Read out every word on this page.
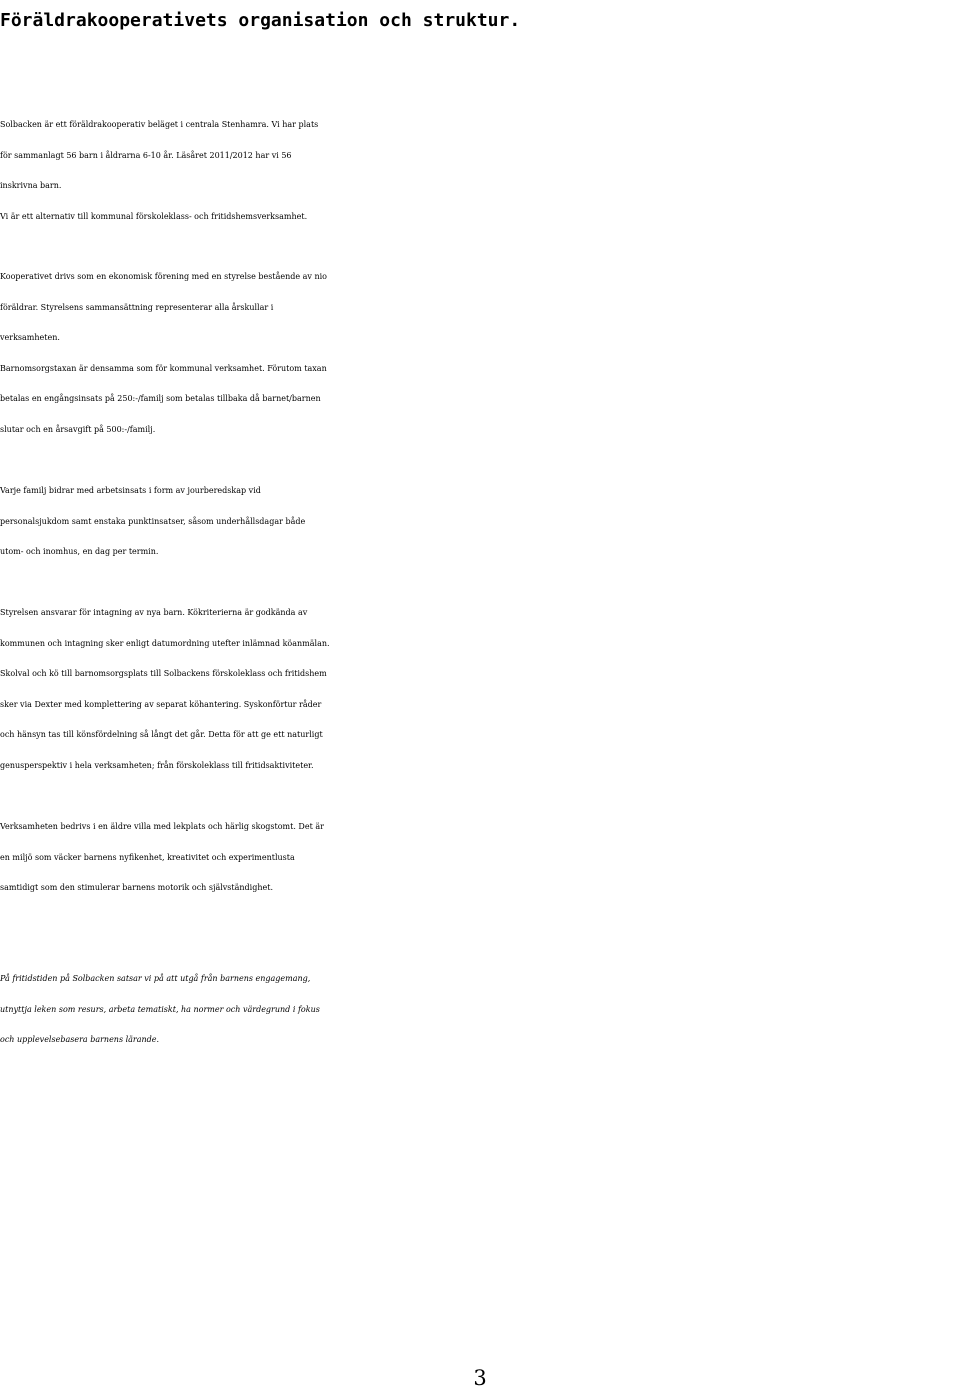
Föräldrakooperativets organisation och struktur.

Solbacken är ett föräldrakooperativ beläget i centrala Stenhamra. Vi har plats
för sammanlagt 56 barn i åldrarna 6-10 år. Läsåret 2011/2012 har vi 56
inskrivna barn.
Vi är ett alternativ till kommunal förskoleklass- och fritidshemsverksamhet.

Kooperativet drivs som en ekonomisk förening med en styrelse bestående av nio
föräldrar. Styrelsens sammansättning representerar alla årskullar i
verksamheten.
Barnomsorgstaxan är densamma som för kommunal verksamhet. Förutom taxan
betalas en engångsinsats på 250:-/familj som betalas tillbaka då barnet/barnen
slutar och en årsavgift på 500:-/familj.

Varje familj bidrar med arbetsinsats i form av jourberedskap vid
personalsjukdom samt enstaka punktinsatser, såsom underhållsdagar både
utom- och inomhus, en dag per termin.

Styrelsen ansvarar för intagning av nya barn. Kökriterierna är godkända av
kommunen och intagning sker enligt datumordning utefter inlämnad köanmälan.
Skolval och kö till barnomsorgsplats till Solbackens förskoleklass och fritidshem
sker via Dexter med komplettering av separat köhantering. Syskonförtur råder
och hänsyn tas till könsfördelning så långt det går. Detta för att ge ett naturligt
genusperspektiv i hela verksamheten; från förskoleklass till fritidsaktiviteter.

Verksamheten bedrivs i en äldre villa med lekplats och härlig skogstomt. Det är
en miljö som väcker barnens nyfikenhet, kreativitet och experimentlusta
samtidigt som den stimulerar barnens motorik och självständighet.

På fritidstiden på Solbacken satsar vi på att utgå från barnens engagemang,
utnyttja leken som resurs, arbeta tematiskt, ha normer och värdegrund i fokus
och upplevelsebasera barnens lärande.

3
